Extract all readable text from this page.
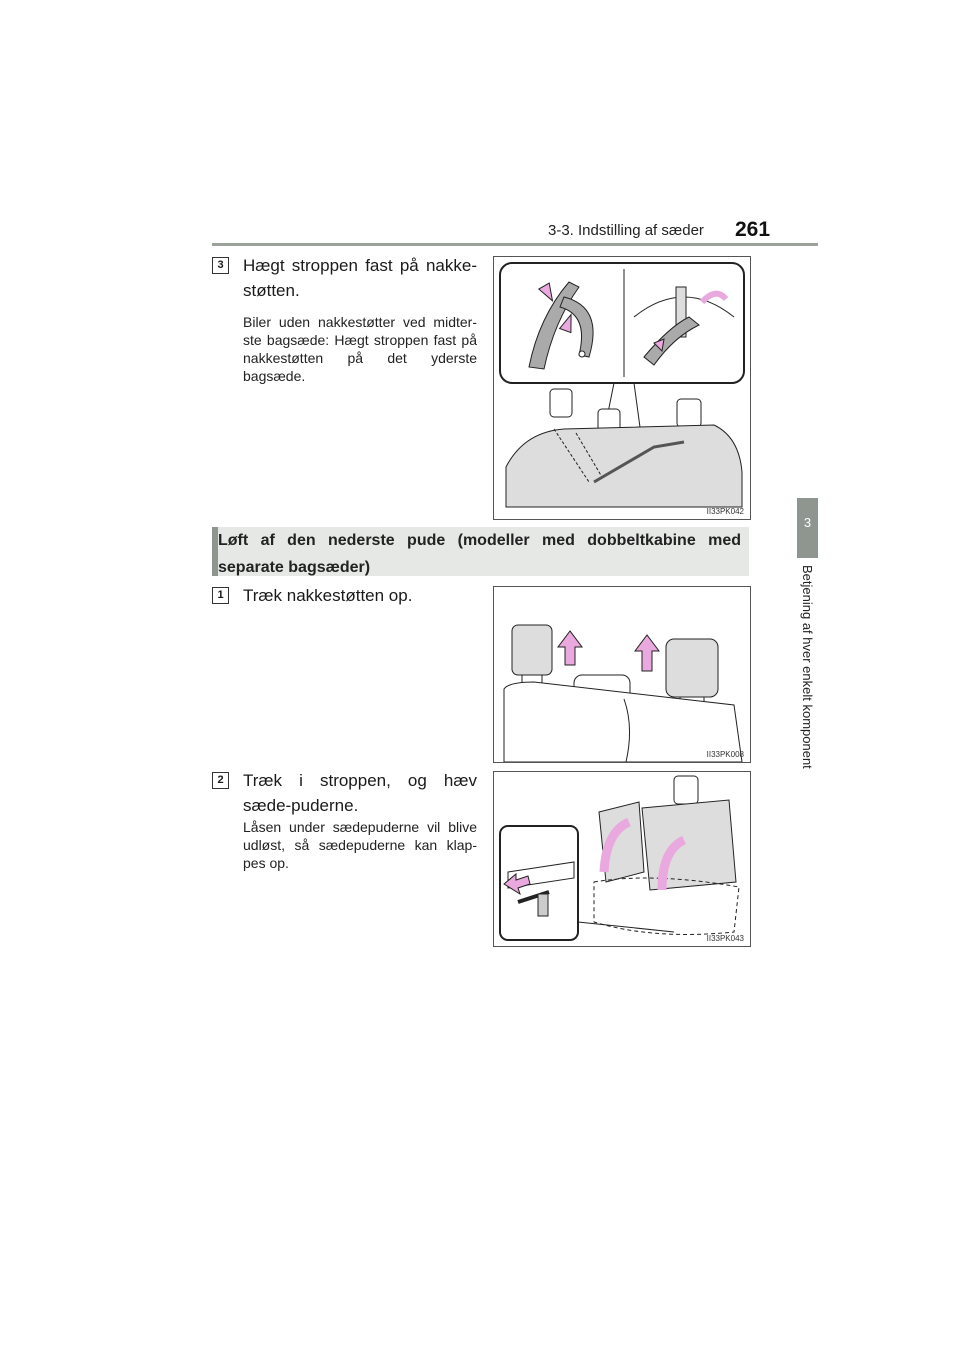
3-3. Indstilling af sæder 261
3
Betjening af hver enkelt komponent
3	Hægt stroppen fast på nakke-støtten.
Biler uden nakkestøtter ved midter-ste bagsæde: Hægt stroppen fast på nakkestøtten på det yderste bagsæde.
II33PK042
Løft af den nederste pude (modeller med dobbeltkabine med separate bagsæder)
1	Træk nakkestøtten op.
II33PK008
2	Træk i stroppen, og hæv sæde-puderne.
Låsen under sædepuderne vil blive udløst, så sædepuderne kan klap-pes op.
II33PK043
